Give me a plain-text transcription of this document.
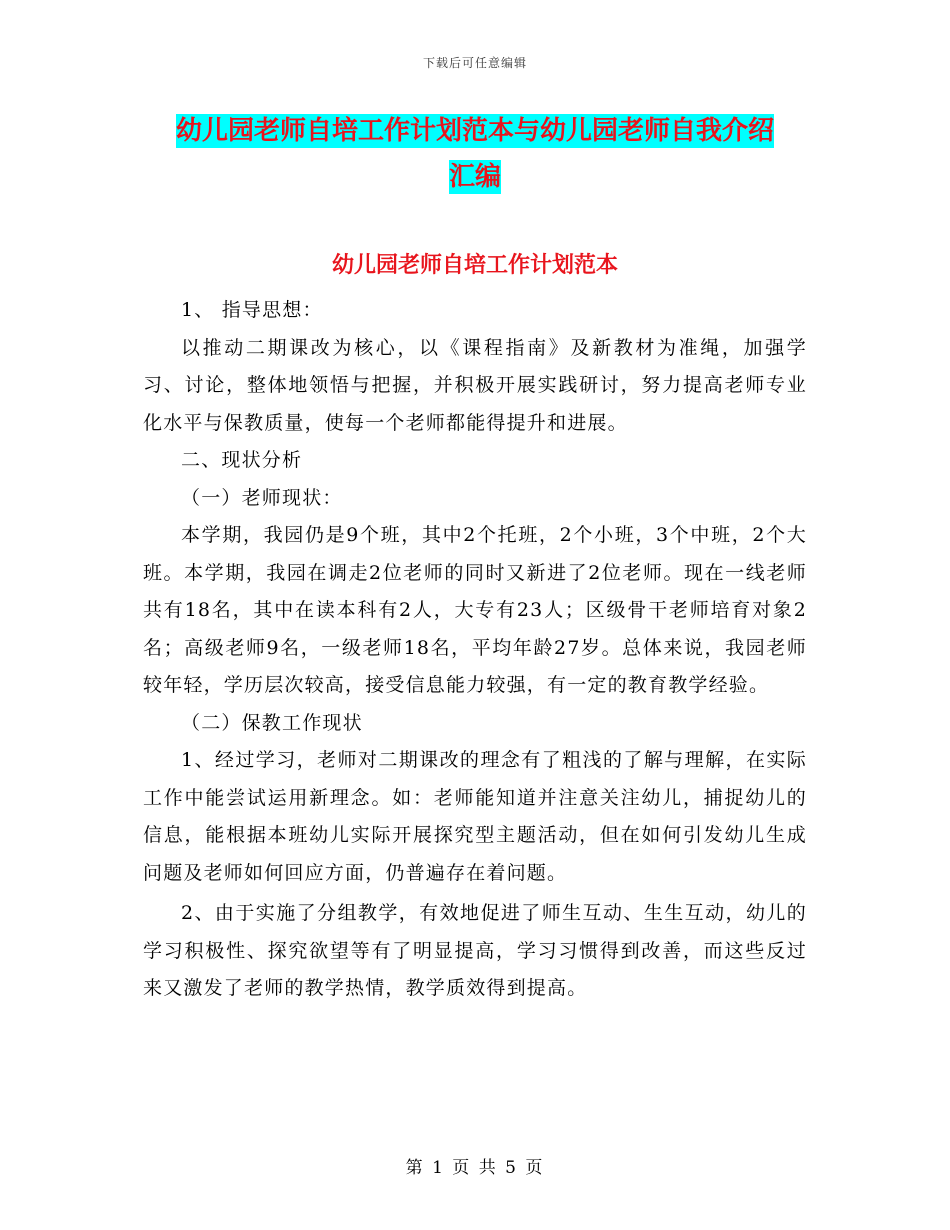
下载后可任意编辑
幼儿园老师自培工作计划范本与幼儿园老师自我介绍
汇编
幼儿园老师自培工作计划范本

1、 指导思想：

以推动二期课改为核心，以《课程指南》及新教材为准绳，加强学习、讨论，整体地领悟与把握，并积极开展实践研讨，努力提高老师专业化水平与保教质量，使每一个老师都能得提升和进展。

二、现状分析

（一）老师现状：

本学期，我园仍是9个班，其中2个托班，2个小班，3个中班，2个大班。本学期，我园在调走2位老师的同时又新进了2位老师。现在一线老师共有18名，其中在读本科有2人，大专有23人；区级骨干老师培育对象2名；高级老师9名，一级老师18名，平均年龄27岁。总体来说，我园老师较年轻，学历层次较高，接受信息能力较强，有一定的教育教学经验。

（二）保教工作现状

1、经过学习，老师对二期课改的理念有了粗浅的了解与理解，在实际工作中能尝试运用新理念。如：老师能知道并注意关注幼儿，捕捉幼儿的信息，能根据本班幼儿实际开展探究型主题活动，但在如何引发幼儿生成问题及老师如何回应方面，仍普遍存在着问题。

2、由于实施了分组教学，有效地促进了师生互动、生生互动，幼儿的学习积极性、探究欲望等有了明显提高，学习习惯得到改善，而这些反过来又激发了老师的教学热情，教学质效得到提高。

第 1 页 共 5 页
